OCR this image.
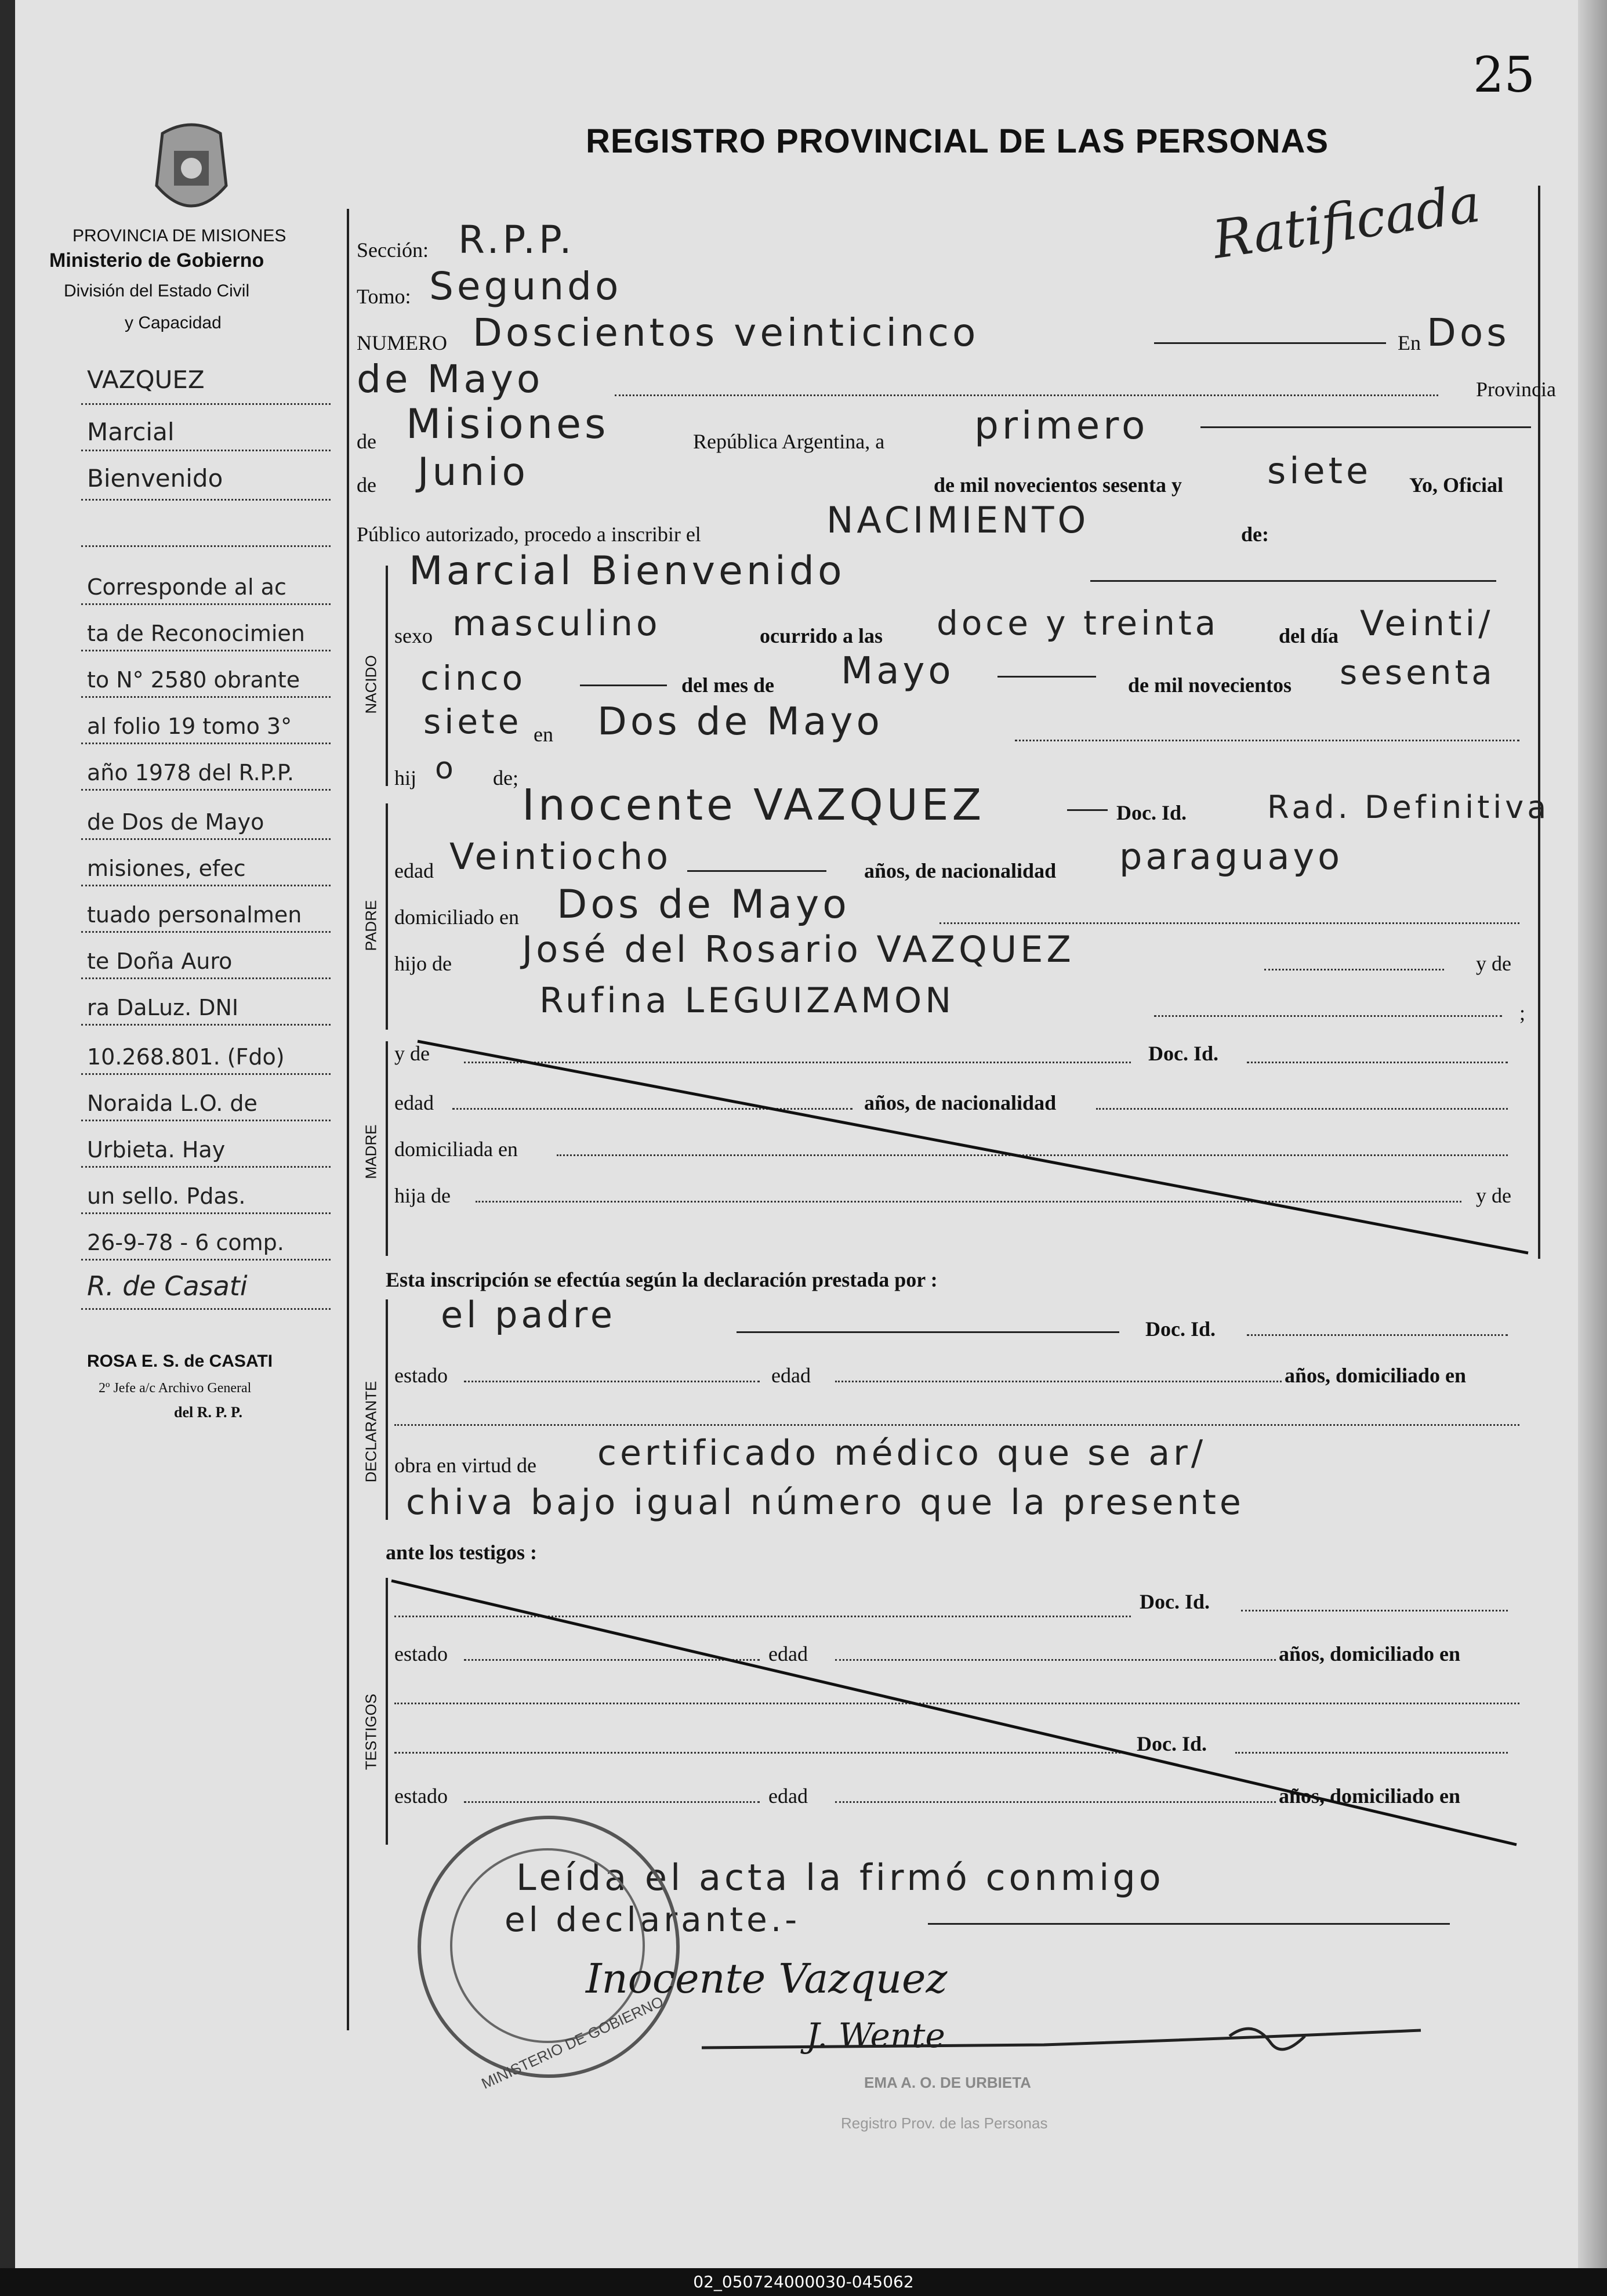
25
REGISTRO PROVINCIAL DE LAS PERSONAS
Ratificada
PROVINCIA DE MISIONES
Ministerio de Gobierno
División del Estado Civil
y Capacidad
VAZQUEZ
Marcial
Bienvenido
Corresponde al ac
ta de Reconocimien
to N° 2580 obrante
al folio 19 tomo 3°
año 1978 del R.P.P.
de Dos de Mayo
misiones, efec
tuado personalmen
te Doña Auro
ra DaLuz. DNI
10.268.801. (Fdo)
Noraida L.O. de
Urbieta. Hay
un sello. Pdas.
26-9-78 - 6 comp.
R. de Casati
ROSA E. S. de CASATI
2º Jefe a/c Archivo General
del R. P. P.
Sección: R.P.P.
Tomo: Segundo
NUMERO Doscientos veinticinco	En Dos
de Mayo	Provincia
de Misiones	República Argentina, a primero
de Junio	de mil novecientos sesenta y siete Yo, Oficial
Público autorizado, procedo a inscribir el	NACIMIENTO	de:
NACIDO
Marcial Bienvenido
sexo masculino	ocurrido a las doce y treinta	del día Veinti/
cinco	del mes de Mayo	de mil novecientos sesenta
siete en Dos de Mayo
hij o de;
PADRE
Inocente VAZQUEZ	Doc. Id.	Rad. Definitiva
edad Veintiocho	años, de nacionalidad paraguayo
domiciliado en Dos de Mayo
hijo de José del Rosario VAZQUEZ	y de
Rufina LEGUIZAMON	;
MADRE
y de	Doc. Id.
edad	años, de nacionalidad
domiciliada en
hija de	y de
Esta inscripción se efectúa según la declaración prestada por :
DECLARANTE
el padre	Doc. Id.
estado	edad	años, domiciliado en
obra en virtud de certificado médico que se ar/
chiva bajo igual número que la presente
ante los testigos :
TESTIGOS
Doc. Id.
estado	edad	años, domiciliado en
Doc. Id.
estado	edad	años, domiciliado en
Leída el acta la firmó conmigo
el declarante.-
MINISTERIO DE GOBIERNO
Inocente Vazquez
J. Wente
EMA A. O. DE URBIETA
Registro Prov. de las Personas
02_050724000030-045062
